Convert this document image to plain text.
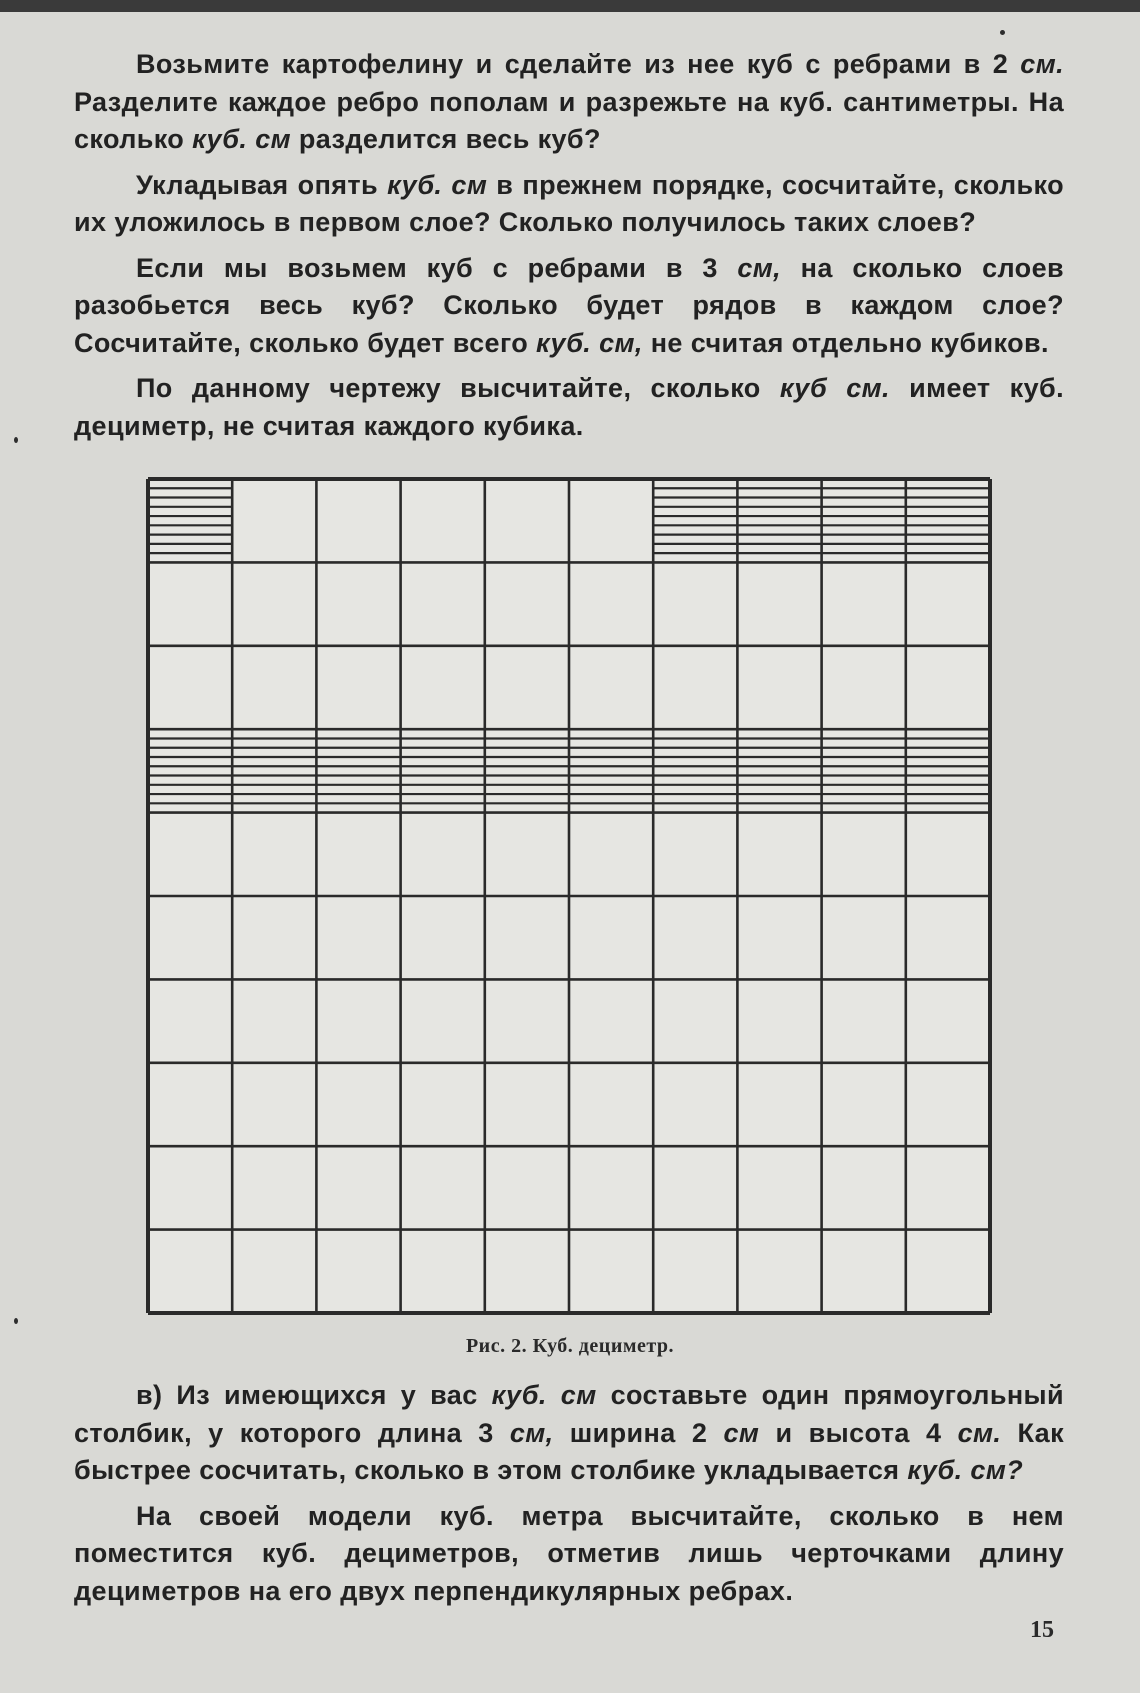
Возьмите картофелину и сделайте из нее куб с ребрами в 2 см. Разделите каждое ребро пополам и разрежьте на куб. сантиметры. На сколько куб. см разделится весь куб?
Укладывая опять куб. см в прежнем порядке, сосчитайте, сколько их уложилось в первом слое? Сколько получилось таких слоев?
Если мы возьмем куб с ребрами в 3 см, на сколько слоев разобьется весь куб? Сколько будет рядов в каждом слое? Сосчитайте, сколько будет всего куб. см, не считая отдельно кубиков.
По данному чертежу высчитайте, сколько куб см. имеет куб. дециметр, не считая каждого кубика.
Рис. 2. Куб. дециметр.
в) Из имеющихся у вас куб. см составьте один прямоугольный столбик, у которого длина 3 см, ширина 2 см и высота 4 см. Как быстрее сосчитать, сколько в этом столбике укладывается куб. см?
На своей модели куб. метра высчитайте, сколько в нем поместится куб. дециметров, отметив лишь черточками длину дециметров на его двух перпендикулярных ребрах.
15
